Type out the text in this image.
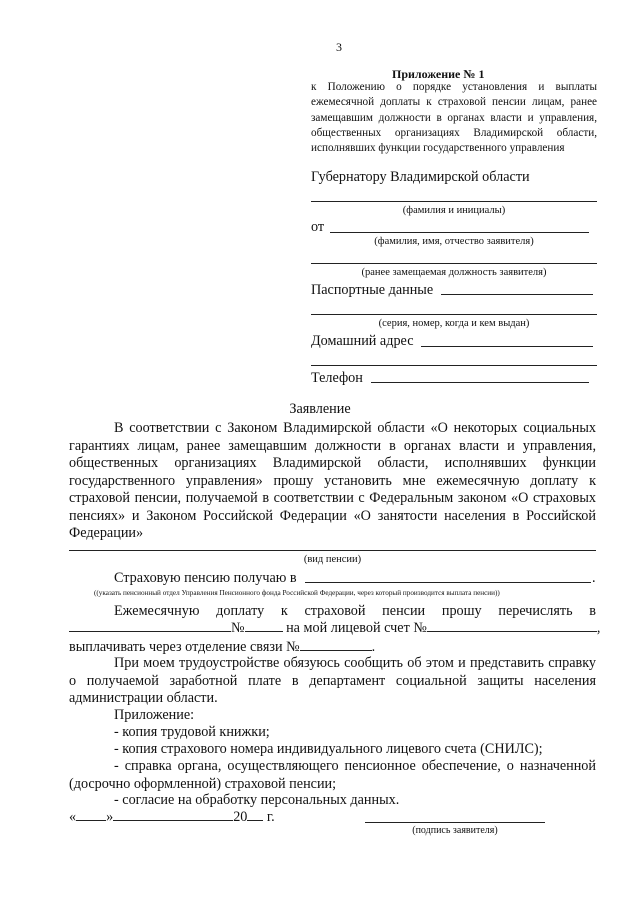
3
Приложение № 1
к Положению о порядке установления и выплаты ежемесячной доплаты к страховой пенсии лицам, ранее замещавшим должности в органах власти и управления, общественных организациях Владимирской области, исполнявших функции государственного управления
Губернатору Владимирской области
(фамилия и инициалы)
от
(фамилия, имя, отчество заявителя)
(ранее замещаемая должность заявителя)
Паспортные данные
(серия, номер, когда и кем выдан)
Домашний адрес
Телефон
Заявление
В соответствии с Законом Владимирской области «О некоторых социальных гарантиях лицам, ранее замещавшим должности в органах власти и управления, общественных организациях Владимирской области, исполнявших функции государственного управления» прошу установить мне ежемесячную доплату к страховой пенсии, получаемой в соответствии с Федеральным законом «О страховых пенсиях» и Законом Российской Федерации «О занятости населения в Российской Федерации»
(вид пенсии)
Страховую пенсию получаю в	.
((указать пенсионный отдел Управления Пенсионного фонда Российской Федерации, через который производится выплата пенсии))
Ежемесячную доплату к страховой пенсии прошу перечислять в
№	на мой лицевой счет №	,
выплачивать через отделение связи №	.
При моем трудоустройстве обязуюсь сообщить об этом и представить справку о получаемой заработной плате в департамент социальной защиты населения администрации области.
Приложение:
- копия трудовой книжки;
- копия страхового номера индивидуального лицевого счета (СНИЛС);
- справка органа, осуществляющего пенсионное обеспечение, о назначенной (досрочно оформленной) страховой пенсии;
- согласие на обработку персональных данных.
« »	20 г.
(подпись заявителя)
